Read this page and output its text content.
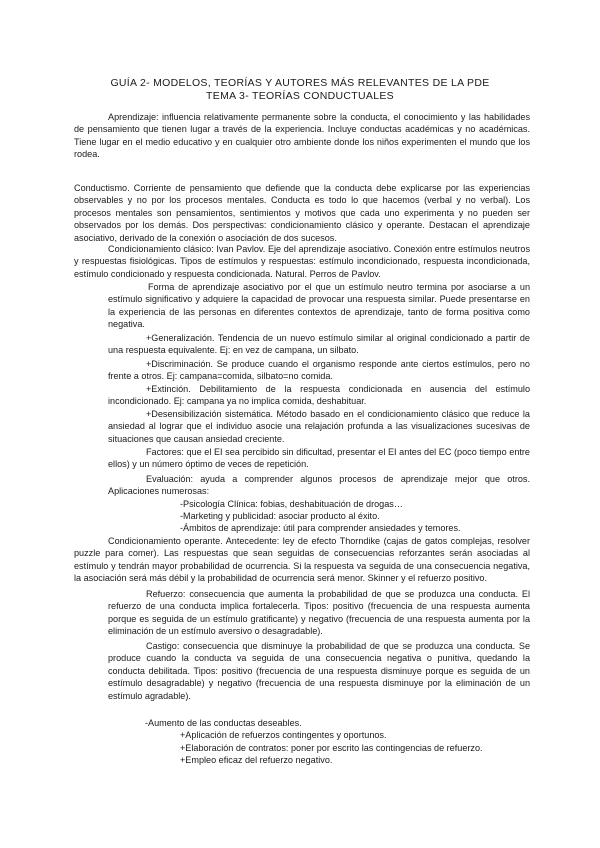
GUÍA 2- MODELOS, TEORÍAS Y AUTORES MÁS RELEVANTES DE LA PDE
TEMA 3- TEORÍAS CONDUCTUALES

Aprendizaje: influencia relativamente permanente sobre la conducta, el conocimiento y las habilidades de pensamiento que tienen lugar a través de la experiencia. Incluye conductas académicas y no académicas. Tiene lugar en el medio educativo y en cualquier otro ambiente donde los niños experimenten el mundo que los rodea.

Conductismo. Corriente de pensamiento que defiende que la conducta debe explicarse por las experiencias observables y no por los procesos mentales. Conducta es todo lo que hacemos (verbal y no verbal). Los procesos mentales son pensamientos, sentimientos y motivos que cada uno experimenta y no pueden ser observados por los demás. Dos perspectivas: condicionamiento clásico y operante. Destacan el aprendizaje asociativo, derivado de la conexión o asociación de dos sucesos.

Condicionamiento clásico: Ivan Pavlov. Eje del aprendizaje asociativo. Conexión entre estímulos neutros y respuestas fisiológicas. Tipos de estímulos y respuestas: estímulo incondicionado, respuesta incondicionada, estímulo condicionado y respuesta condicionada. Natural. Perros de Pavlov.

Forma de aprendizaje asociativo por el que un estímulo neutro termina por asociarse a un estímulo significativo y adquiere la capacidad de provocar una respuesta similar. Puede presentarse en la experiencia de las personas en diferentes contextos de aprendizaje, tanto de forma positiva como negativa.

+Generalización. Tendencia de un nuevo estímulo similar al original condicionado a partir de una respuesta equivalente. Ej: en vez de campana, un silbato.

+Discriminación. Se produce cuando el organismo responde ante ciertos estímulos, pero no frente a otros. Ej: campana=comida, silbato=no comida.

+Extinción. Debilitamiento de la respuesta condicionada en ausencia del estímulo incondicionado. Ej: campana ya no implica comida, deshabituar.

+Desensibilización sistemática. Método basado en el condicionamiento clásico que reduce la ansiedad al lograr que el individuo asocie una relajación profunda a las visualizaciones sucesivas de situaciones que causan ansiedad creciente.

Factores: que el EI sea percibido sin dificultad, presentar el EI antes del EC (poco tiempo entre ellos) y un número óptimo de veces de repetición.

Evaluación: ayuda a comprender algunos procesos de aprendizaje mejor que otros. Aplicaciones numerosas:

-Psicología Clínica: fobias, deshabituación de drogas…
-Marketing y publicidad: asociar producto al éxito.
-Ámbitos de aprendizaje: útil para comprender ansiedades y temores.

Condicionamiento operante. Antecedente: ley de efecto Thorndike (cajas de gatos complejas, resolver puzzle para comer). Las respuestas que sean seguidas de consecuencias reforzantes serán asociadas al estímulo y tendrán mayor probabilidad de ocurrencia. Si la respuesta va seguida de una consecuencia negativa, la asociación será más débil y la probabilidad de ocurrencia será menor. Skinner y el refuerzo positivo.

Refuerzo: consecuencia que aumenta la probabilidad de que se produzca una conducta. El refuerzo de una conducta implica fortalecerla. Tipos: positivo (frecuencia de una respuesta aumenta porque es seguida de un estímulo gratificante) y negativo (frecuencia de una respuesta aumenta por la eliminación de un estímulo aversivo o desagradable).

Castigo: consecuencia que disminuye la probabilidad de que se produzca una conducta. Se produce cuando la conducta va seguida de una consecuencia negativa o punitiva, quedando la conducta debilitada. Tipos: positivo (frecuencia de una respuesta disminuye porque es seguida de un estímulo desagradable) y negativo (frecuencia de una respuesta disminuye por la eliminación de un estímulo agradable).

-Aumento de las conductas deseables.
+Aplicación de refuerzos contingentes y oportunos.
+Elaboración de contratos: poner por escrito las contingencias de refuerzo.
+Empleo eficaz del refuerzo negativo.
